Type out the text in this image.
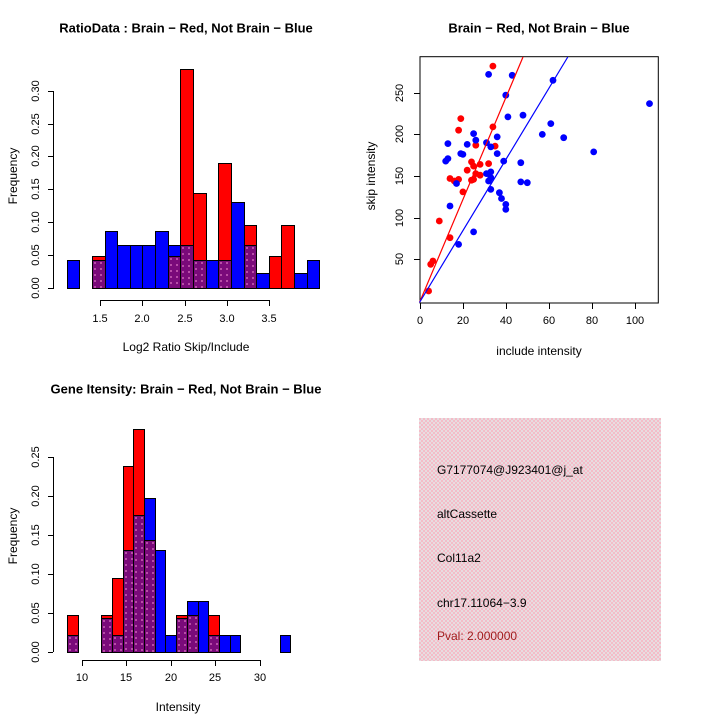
RatioData : Brain − Red, Not Brain − Blue
Frequency
Log2 Ratio Skip/Include
0.00
0.05
0.10
0.15
0.20
0.25
0.30
1.5 2.0	2.5 3.0 3.5
Brain − Red, Not Brain − Blue
skip intensity
include intensity
0	20	40	60	80	100
50
100
150
200
250
Gene Itensity: Brain − Red, Not Brain − Blue
Frequency
Intensity
0.00
0.05
0.10
0.15
0.20
0.25
10	15	20	25	30
G7177074@J923401@j_at
altCassette
Col11a2
chr17.11064−3.9
Pval: 2.000000
